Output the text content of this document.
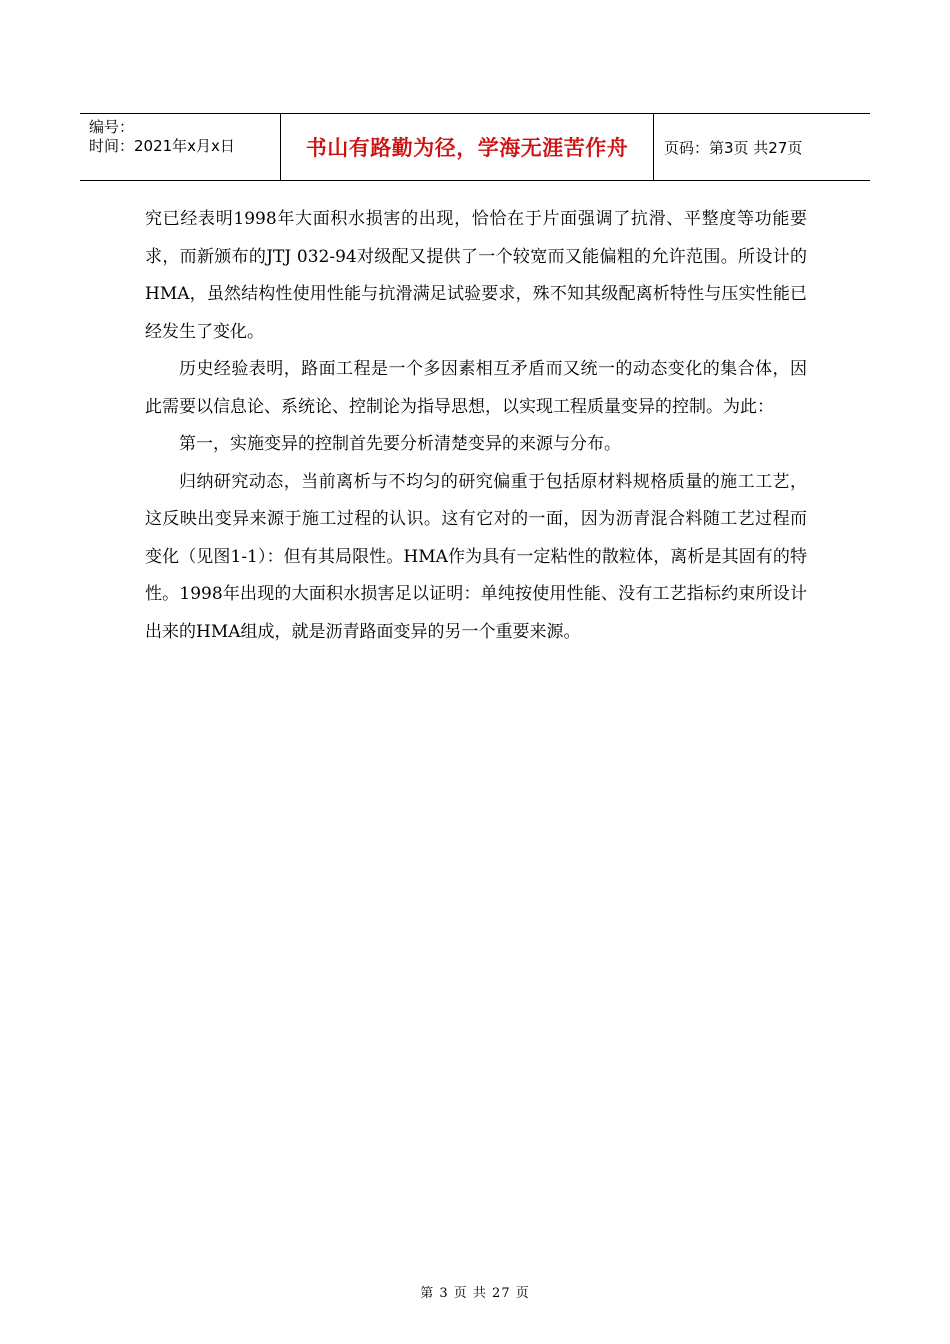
编号：
时间：2021年x月x日	书山有路勤为径，学海无涯苦作舟 页码：第3页 共27页

究已经表明1998年大面积水损害的出现，恰恰在于片面强调了抗滑、平整度等功能要求，而新颁布的JTJ 032-94对级配又提供了一个较宽而又能偏粗的允许范围。所设计的HMA，虽然结构性使用性能与抗滑满足试验要求，殊不知其级配离析特性与压实性能已经发生了变化。

历史经验表明，路面工程是一个多因素相互矛盾而又统一的动态变化的集合体，因此需要以信息论、系统论、控制论为指导思想，以实现工程质量变异的控制。为此：

第一，实施变异的控制首先要分析清楚变异的来源与分布。

归纳研究动态，当前离析与不均匀的研究偏重于包括原材料规格质量的施工工艺，这反映出变异来源于施工过程的认识。这有它对的一面，因为沥青混合料随工艺过程而变化（见图1-1）：但有其局限性。HMA作为具有一定粘性的散粒体，离析是其固有的特性。1998年出现的大面积水损害足以证明：单纯按使用性能、没有工艺指标约束所设计出来的HMA组成，就是沥青路面变异的另一个重要来源。

第 3 页 共 27 页
